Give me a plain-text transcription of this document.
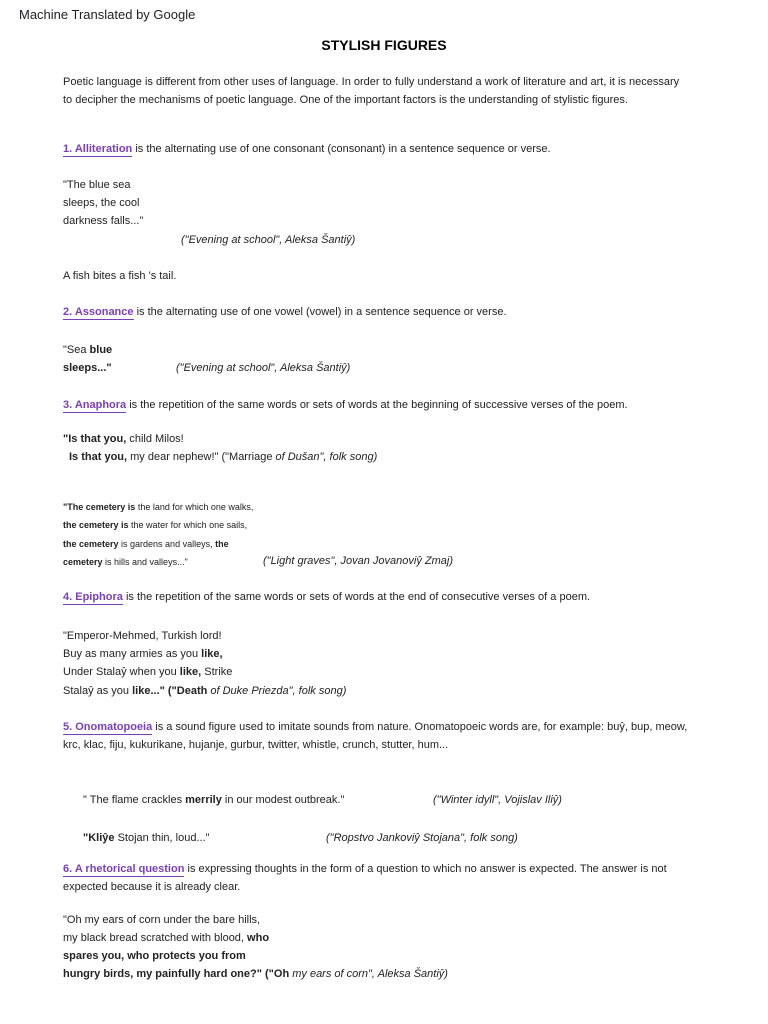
Machine Translated by Google
STYLISH FIGURES
Poetic language is different from other uses of language. In order to fully understand a work of literature and art, it is necessary
to decipher the mechanisms of poetic language. One of the important factors is the understanding of stylistic figures.
1. Alliteration is the alternating use of one consonant (consonant) in a sentence sequence or verse.
"The blue sea
sleeps, the cool
darkness falls..."
("Evening at school", Aleksa Šantiŷ)
A fish bites a fish 's tail.
2. Assonance is the alternating use of one vowel (vowel) in a sentence sequence or verse.
"Sea blue
sleeps..."	("Evening at school", Aleksa Šantiŷ)
3. Anaphora is the repetition of the same words or sets of words at the beginning of successive verses of the poem.
"Is that you, child Milos!
Is that you, my dear nephew!" ("Marriage of Dušan", folk song)
"The cemetery is the land for which one walks,
the cemetery is the water for which one sails,
the cemetery is gardens and valleys, the
cemetery is hills and valleys..."	("Light graves", Jovan Jovanoviŷ Zmaj)
4. Epiphora is the repetition of the same words or sets of words at the end of consecutive verses of a poem.
"Emperor-Mehmed, Turkish lord!
Buy as many armies as you like,
Under Stalaŷ when you like, Strike
Stalaŷ as you like..." ("Death of Duke Priezda", folk song)
5. Onomatopoeia is a sound figure used to imitate sounds from nature. Onomatopoeic words are, for example: buŷ, bup, meow,
krc, klac, fiju, kukurikane, hujanje, gurbur, twitter, whistle, crunch, stutter, hum...
" The flame crackles merrily in our modest outbreak."	("Winter idyll", Vojislav Iliŷ)
"Kliŷe Stojan thin, loud..."	("Ropstvo Jankoviŷ Stojana", folk song)
6. A rhetorical question is expressing thoughts in the form of a question to which no answer is expected. The answer is not
expected because it is already clear.
"Oh my ears of corn under the bare hills,
my black bread scratched with blood, who
spares you, who protects you from
hungry birds, my painfully hard one?" ("Oh my ears of corn", Aleksa Šantiŷ)
